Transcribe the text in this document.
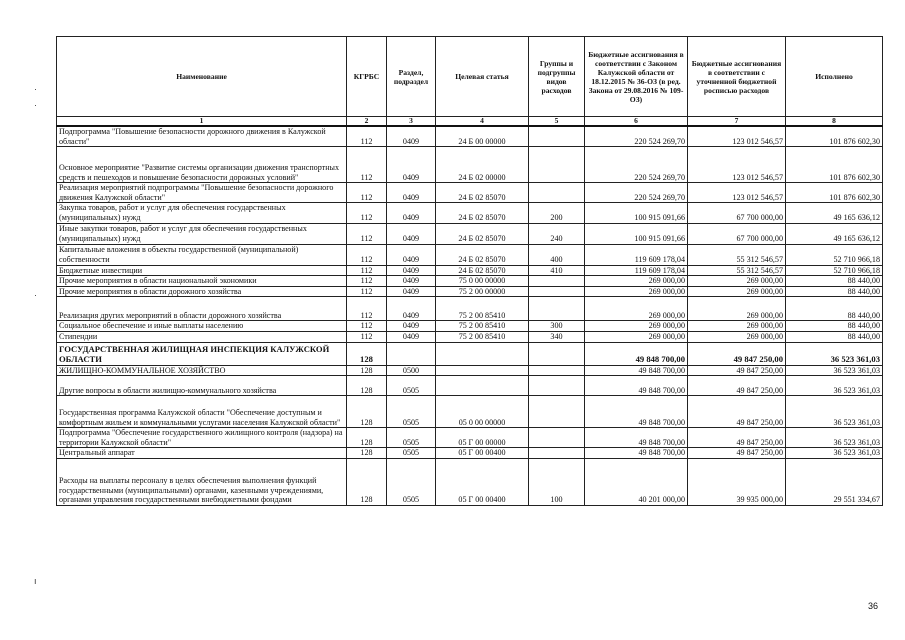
Наименование	КГРБС	Раздел, подраздел	Целевая статья	Группы и подгруппы видов расходов	Бюджетные ассигнования в соответствии с Законом Калужской области от 18.12.2015 № 36-ОЗ (в ред. Закона от 29.08.2016 № 109-ОЗ)	Бюджетные ассигнования в соответствии с уточненной бюджетной росписью расходов	Исполнено
1	2	3	4	5	6	7	8
Подпрограмма "Повышение безопасности дорожного движения в Калужской области"	112	0409	24 Б 00 00000		220 524 269,70	123 012 546,57	101 876 602,30
Основное мероприятие "Развитие системы организации движения транспортных средств и пешеходов и повышение безопасности дорожных условий"	112	0409	24 Б 02 00000		220 524 269,70	123 012 546,57	101 876 602,30
Реализация мероприятий подпрограммы "Повышение безопасности дорожного движения Калужской области"	112	0409	24 Б 02 85070		220 524 269,70	123 012 546,57	101 876 602,30
Закупка товаров, работ и услуг для обеспечения государственных (муниципальных) нужд	112	0409	24 Б 02 85070	200	100 915 091,66	67 700 000,00	49 165 636,12
Иные закупки товаров, работ и услуг для обеспечения государственных (муниципальных) нужд	112	0409	24 Б 02 85070	240	100 915 091,66	67 700 000,00	49 165 636,12
Капитальные вложения в объекты государственной (муниципальной) собственности	112	0409	24 Б 02 85070	400	119 609 178,04	55 312 546,57	52 710 966,18
Бюджетные инвестиции	112	0409	24 Б 02 85070	410	119 609 178,04	55 312 546,57	52 710 966,18
Прочие мероприятия в области национальной экономики	112	0409	75 0 00 00000		269 000,00	269 000,00	88 440,00
Прочие мероприятия в области дорожного хозяйства	112	0409	75 2 00 00000		269 000,00	269 000,00	88 440,00
Реализация других мероприятий в области дорожного хозяйства	112	0409	75 2 00 85410		269 000,00	269 000,00	88 440,00
Социальное обеспечение и иные выплаты населению	112	0409	75 2 00 85410	300	269 000,00	269 000,00	88 440,00
Стипендии	112	0409	75 2 00 85410	340	269 000,00	269 000,00	88 440,00
ГОСУДАРСТВЕННАЯ ЖИЛИЩНАЯ ИНСПЕКЦИЯ КАЛУЖСКОЙ ОБЛАСТИ	128				49 848 700,00	49 847 250,00	36 523 361,03
ЖИЛИЩНО-КОММУНАЛЬНОЕ ХОЗЯЙСТВО	128	0500			49 848 700,00	49 847 250,00	36 523 361,03
Другие вопросы в области жилищно-коммунального хозяйства	128	0505			49 848 700,00	49 847 250,00	36 523 361,03
Государственная программа Калужской области "Обеспечение доступным и комфортным жильем и коммунальными услугами населения Калужской области"	128	0505	05 0 00 00000		49 848 700,00	49 847 250,00	36 523 361,03
Подпрограмма "Обеспечение государственного жилищного контроля (надзора) на территории Калужской области"	128	0505	05 Г 00 00000		49 848 700,00	49 847 250,00	36 523 361,03
Центральный аппарат	128	0505	05 Г 00 00400		49 848 700,00	49 847 250,00	36 523 361,03
Расходы на выплаты персоналу в целях обеспечения выполнения функций государственными (муниципальными) органами, казенными учреждениями, органами управления государственными внебюджетными фондами	128	0505	05 Г 00 00400	100	40 201 000,00	39 935 000,00	29 551 334,67
36
·
·
·
ı
